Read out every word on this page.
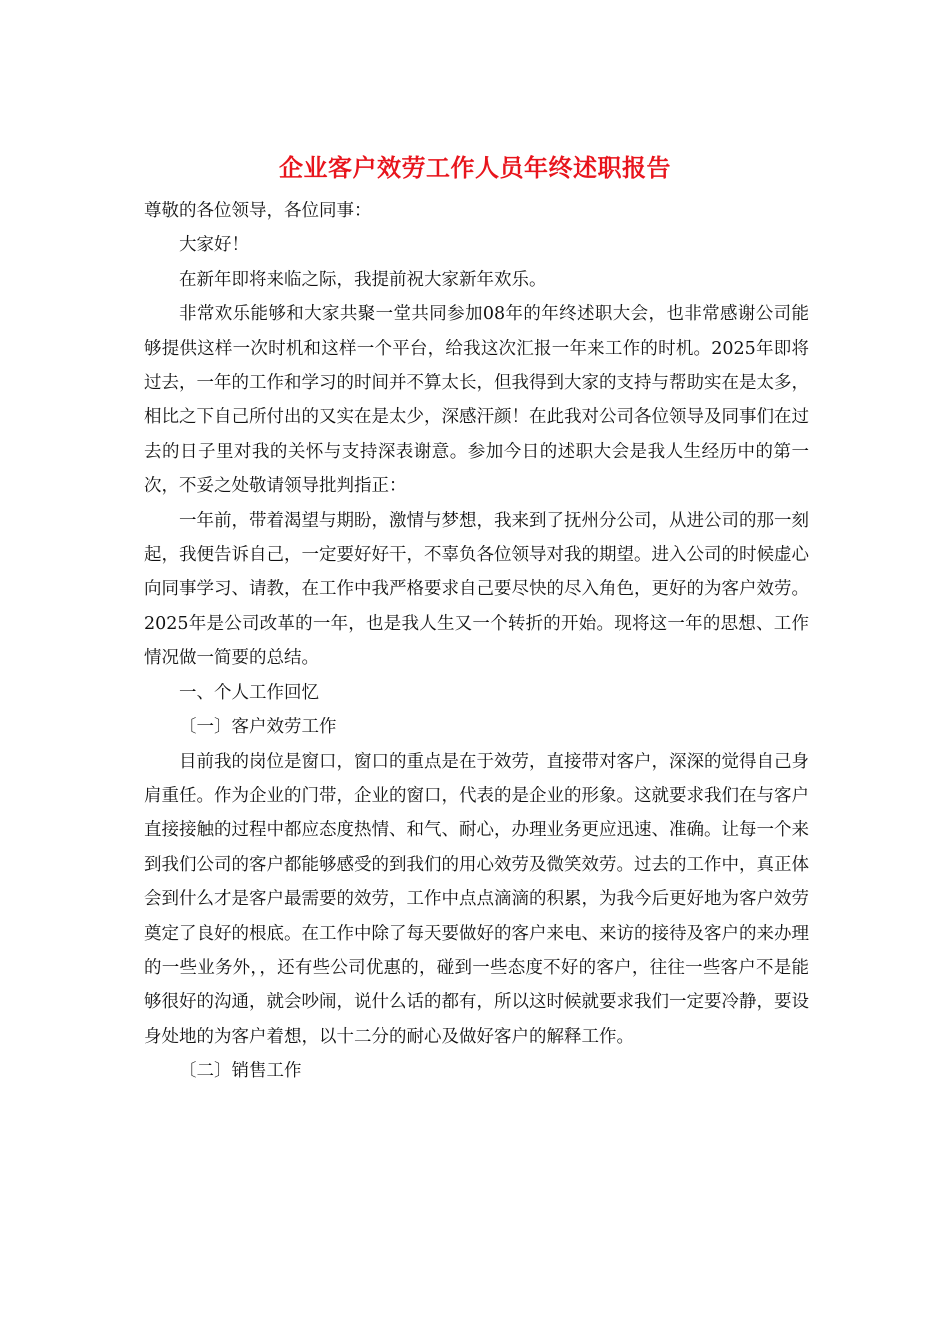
企业客户效劳工作人员年终述职报告

尊敬的各位领导，各位同事：

大家好！

在新年即将来临之际，我提前祝大家新年欢乐。

非常欢乐能够和大家共聚一堂共同参加08年的年终述职大会，也非常感谢公司能够提供这样一次时机和这样一个平台，给我这次汇报一年来工作的时机。2025年即将过去，一年的工作和学习的时间并不算太长，但我得到大家的支持与帮助实在是太多，相比之下自己所付出的又实在是太少，深感汗颜！在此我对公司各位领导及同事们在过去的日子里对我的关怀与支持深表谢意。参加今日的述职大会是我人生经历中的第一次，不妥之处敬请领导批判指正：

一年前，带着渴望与期盼，激情与梦想，我来到了抚州分公司，从进公司的那一刻起，我便告诉自己，一定要好好干，不辜负各位领导对我的期望。进入公司的时候虚心向同事学习、请教，在工作中我严格要求自己要尽快的尽入角色，更好的为客户效劳。2025年是公司改革的一年，也是我人生又一个转折的开始。现将这一年的思想、工作情况做一简要的总结。

一、个人工作回忆

〔一〕客户效劳工作

目前我的岗位是窗口，窗口的重点是在于效劳，直接带对客户，深深的觉得自己身肩重任。作为企业的门带，企业的窗口，代表的是企业的形象。这就要求我们在与客户直接接触的过程中都应态度热情、和气、耐心，办理业务更应迅速、准确。让每一个来到我们公司的客户都能够感受的到我们的用心效劳及微笑效劳。过去的工作中，真正体会到什么才是客户最需要的效劳，工作中点点滴滴的积累，为我今后更好地为客户效劳奠定了良好的根底。在工作中除了每天要做好的客户来电、来访的接待及客户的来办理的一些业务外，，还有些公司优惠的，碰到一些态度不好的客户，往往一些客户不是能够很好的沟通，就会吵闹，说什么话的都有，所以这时候就要求我们一定要冷静，要设身处地的为客户着想，以十二分的耐心及做好客户的解释工作。

〔二〕销售工作
